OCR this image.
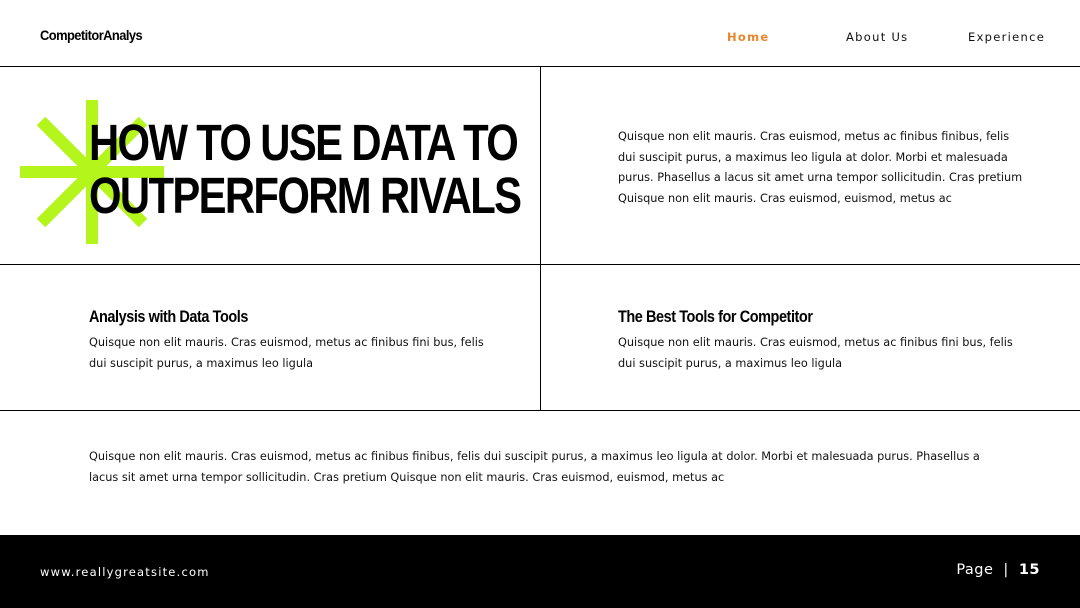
CompetitorAnalys	Home	About Us	Experience
HOW TO USE DATA TO
OUTPERFORM RIVALS

Quisque non elit mauris. Cras euismod, metus ac finibus finibus, felis dui suscipit purus, a maximus leo ligula at dolor. Morbi et malesuada purus. Phasellus a lacus sit amet urna tempor sollicitudin. Cras pretium Quisque non elit mauris. Cras euismod, euismod, metus ac

Analysis with Data Tools

Quisque non elit mauris. Cras euismod, metus ac finibus fini bus, felis dui suscipit purus, a maximus leo ligula

The Best Tools for Competitor

Quisque non elit mauris. Cras euismod, metus ac finibus fini bus, felis dui suscipit purus, a maximus leo ligula

Quisque non elit mauris. Cras euismod, metus ac finibus finibus, felis dui suscipit purus, a maximus leo ligula at dolor. Morbi et malesuada purus. Phasellus a lacus sit amet urna tempor sollicitudin. Cras pretium Quisque non elit mauris. Cras euismod, euismod, metus ac

www.reallygreatsite.com	Page | 15
